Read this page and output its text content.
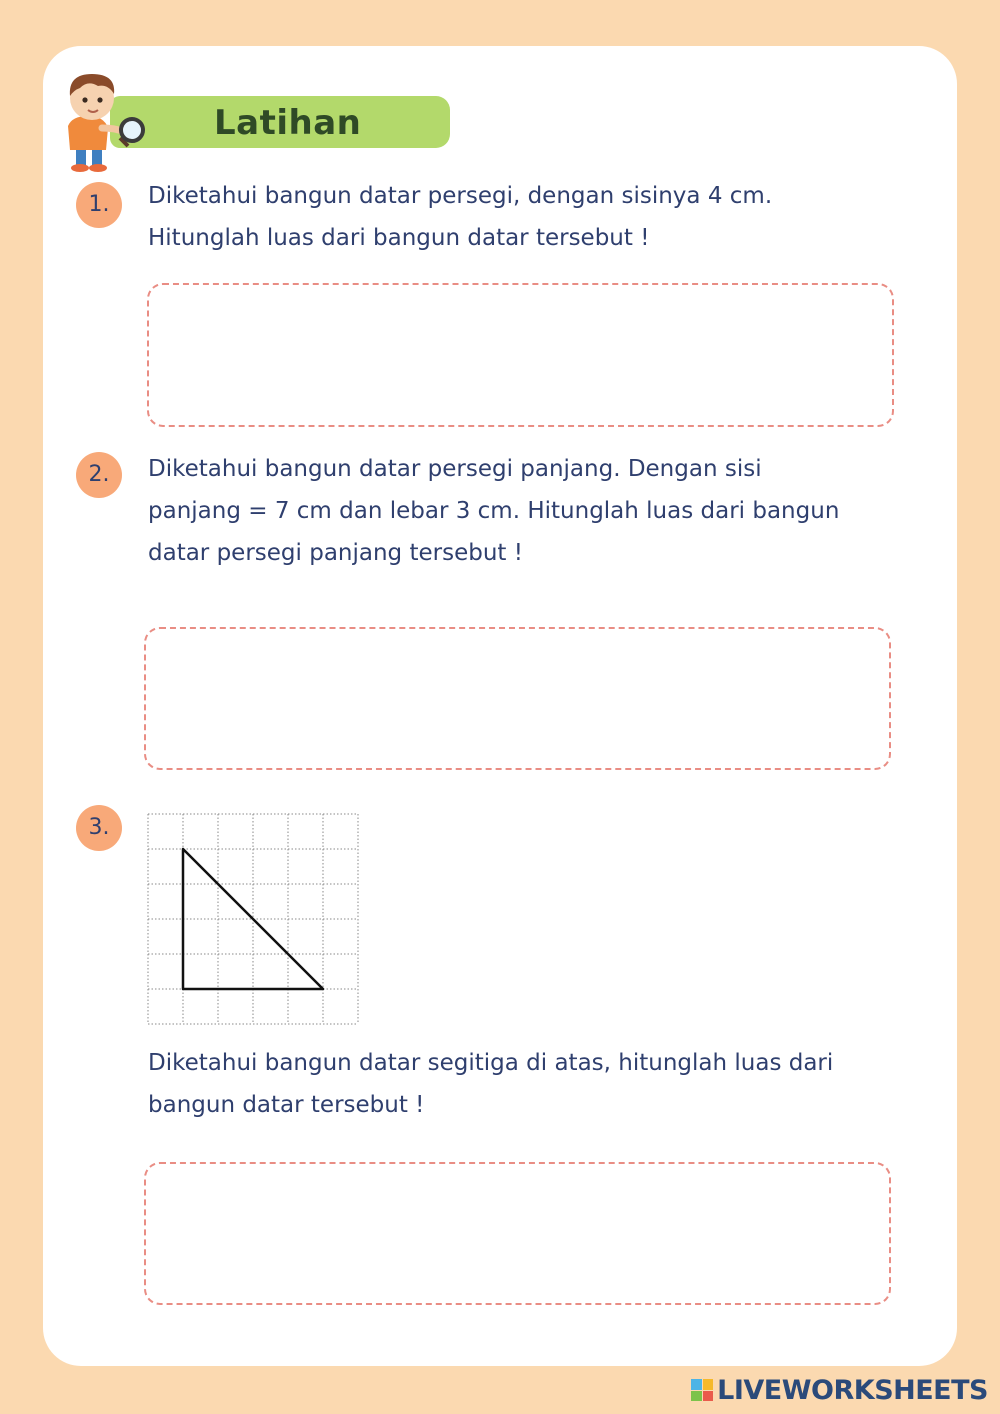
Latihan
1.	Diketahui bangun datar persegi, dengan sisinya 4 cm.
Hitunglah luas dari bangun datar tersebut !
2.	Diketahui bangun datar persegi panjang. Dengan sisi
panjang = 7 cm dan lebar 3 cm. Hitunglah luas dari bangun
datar persegi panjang tersebut !
3.
Diketahui bangun datar segitiga di atas, hitunglah luas dari
bangun datar tersebut !
LIVEWORKSHEETS
